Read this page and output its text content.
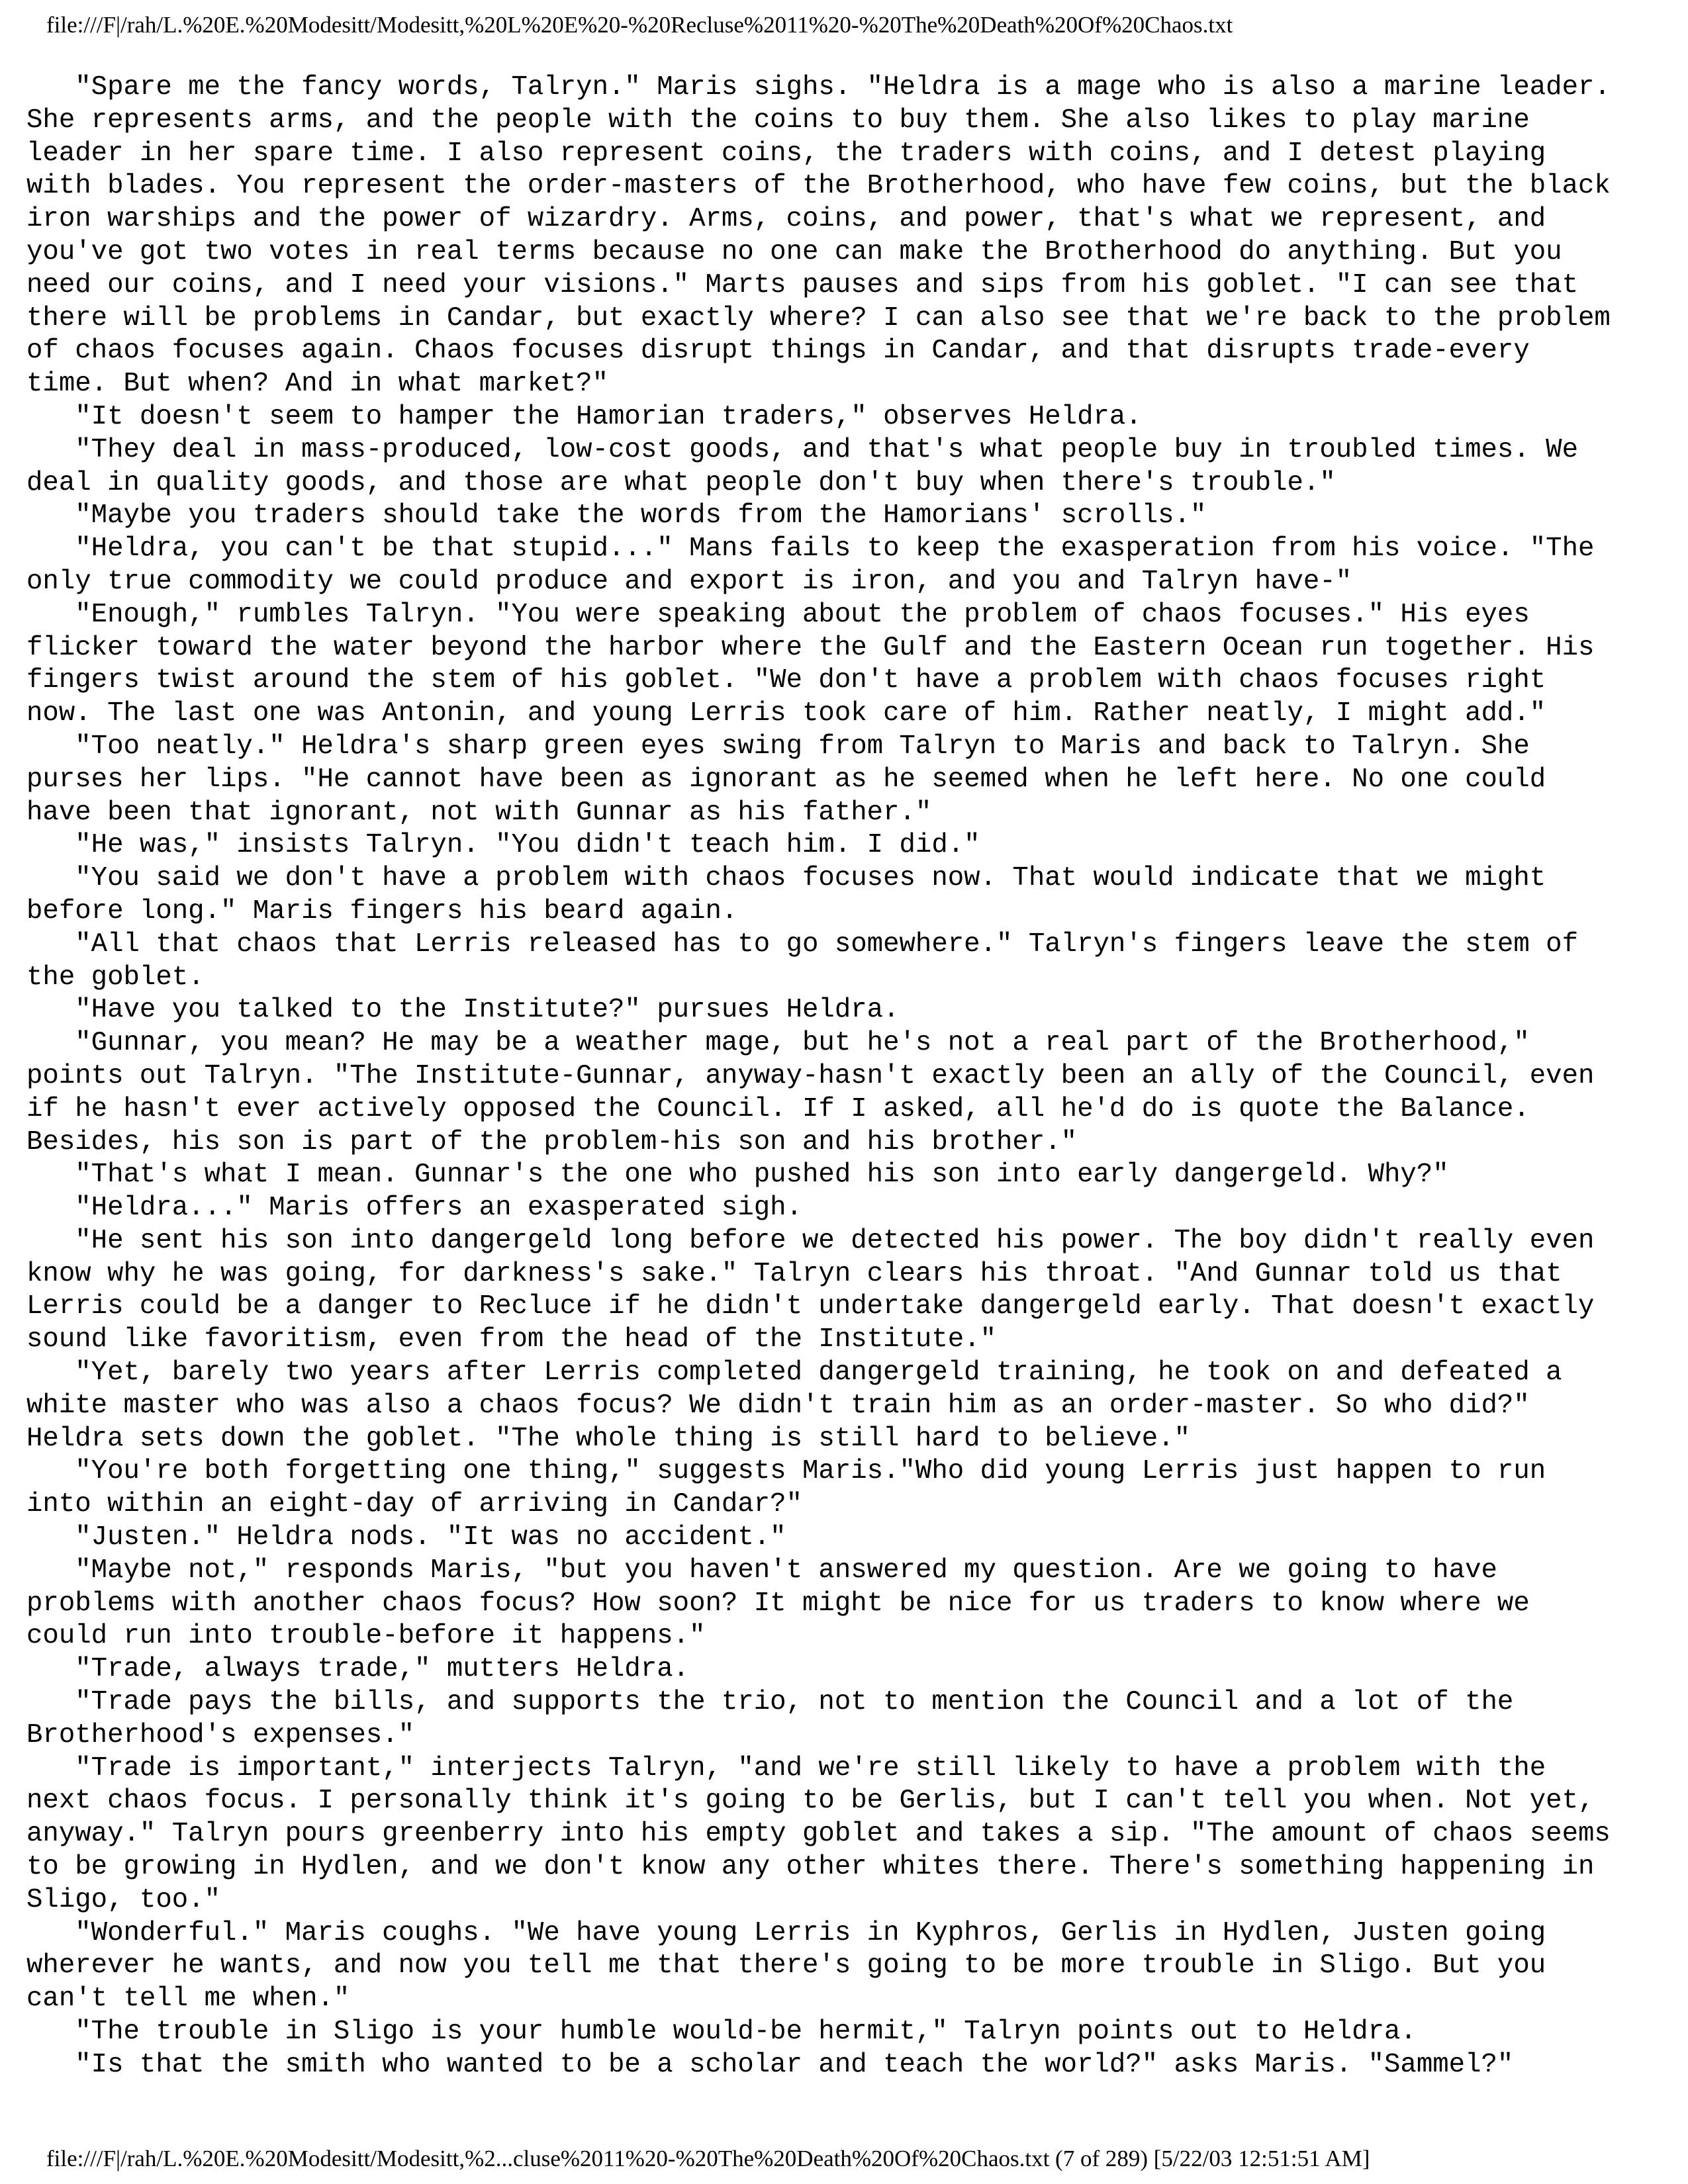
file:///F|/rah/L.%20E.%20Modesitt/Modesitt,%20L%20E%20-%20Recluse%2011%20-%20The%20Death%20Of%20Chaos.txt
"Spare me the fancy words, Talryn." Maris sighs. "Heldra is a mage who is also a marine leader.
She represents arms, and the people with the coins to buy them. She also likes to play marine
leader in her spare time. I also represent coins, the traders with coins, and I detest playing
with blades. You represent the order-masters of the Brotherhood, who have few coins, but the black
iron warships and the power of wizardry. Arms, coins, and power, that's what we represent, and
you've got two votes in real terms because no one can make the Brotherhood do anything. But you
need our coins, and I need your visions." Marts pauses and sips from his goblet. "I can see that
there will be problems in Candar, but exactly where? I can also see that we're back to the problem
of chaos focuses again. Chaos focuses disrupt things in Candar, and that disrupts trade-every
time. But when? And in what market?"
"It doesn't seem to hamper the Hamorian traders," observes Heldra.
"They deal in mass-produced, low-cost goods, and that's what people buy in troubled times. We
deal in quality goods, and those are what people don't buy when there's trouble."
"Maybe you traders should take the words from the Hamorians' scrolls."
"Heldra, you can't be that stupid..." Mans fails to keep the exasperation from his voice. "The
only true commodity we could produce and export is iron, and you and Talryn have-"
"Enough," rumbles Talryn. "You were speaking about the problem of chaos focuses." His eyes
flicker toward the water beyond the harbor where the Gulf and the Eastern Ocean run together. His
fingers twist around the stem of his goblet. "We don't have a problem with chaos focuses right
now. The last one was Antonin, and young Lerris took care of him. Rather neatly, I might add."
"Too neatly." Heldra's sharp green eyes swing from Talryn to Maris and back to Talryn. She
purses her lips. "He cannot have been as ignorant as he seemed when he left here. No one could
have been that ignorant, not with Gunnar as his father."
"He was," insists Talryn. "You didn't teach him. I did."
"You said we don't have a problem with chaos focuses now. That would indicate that we might
before long." Maris fingers his beard again.
"All that chaos that Lerris released has to go somewhere." Talryn's fingers leave the stem of
the goblet.
"Have you talked to the Institute?" pursues Heldra.
"Gunnar, you mean? He may be a weather mage, but he's not a real part of the Brotherhood,"
points out Talryn. "The Institute-Gunnar, anyway-hasn't exactly been an ally of the Council, even
if he hasn't ever actively opposed the Council. If I asked, all he'd do is quote the Balance.
Besides, his son is part of the problem-his son and his brother."
"That's what I mean. Gunnar's the one who pushed his son into early dangergeld. Why?"
"Heldra..." Maris offers an exasperated sigh.
"He sent his son into dangergeld long before we detected his power. The boy didn't really even
know why he was going, for darkness's sake." Talryn clears his throat. "And Gunnar told us that
Lerris could be a danger to Recluce if he didn't undertake dangergeld early. That doesn't exactly
sound like favoritism, even from the head of the Institute."
"Yet, barely two years after Lerris completed dangergeld training, he took on and defeated a
white master who was also a chaos focus? We didn't train him as an order-master. So who did?"
Heldra sets down the goblet. "The whole thing is still hard to believe."
"You're both forgetting one thing," suggests Maris."Who did young Lerris just happen to run
into within an eight-day of arriving in Candar?"
"Justen." Heldra nods. "It was no accident."
"Maybe not," responds Maris, "but you haven't answered my question. Are we going to have
problems with another chaos focus? How soon? It might be nice for us traders to know where we
could run into trouble-before it happens."
"Trade, always trade," mutters Heldra.
"Trade pays the bills, and supports the trio, not to mention the Council and a lot of the
Brotherhood's expenses."
"Trade is important," interjects Talryn, "and we're still likely to have a problem with the
next chaos focus. I personally think it's going to be Gerlis, but I can't tell you when. Not yet,
anyway." Talryn pours greenberry into his empty goblet and takes a sip. "The amount of chaos seems
to be growing in Hydlen, and we don't know any other whites there. There's something happening in
Sligo, too."
"Wonderful." Maris coughs. "We have young Lerris in Kyphros, Gerlis in Hydlen, Justen going
wherever he wants, and now you tell me that there's going to be more trouble in Sligo. But you
can't tell me when."
"The trouble in Sligo is your humble would-be hermit," Talryn points out to Heldra.
"Is that the smith who wanted to be a scholar and teach the world?" asks Maris. "Sammel?"
file:///F|/rah/L.%20E.%20Modesitt/Modesitt,%2...cluse%2011%20-%20The%20Death%20Of%20Chaos.txt (7 of 289) [5/22/03 12:51:51 AM]
